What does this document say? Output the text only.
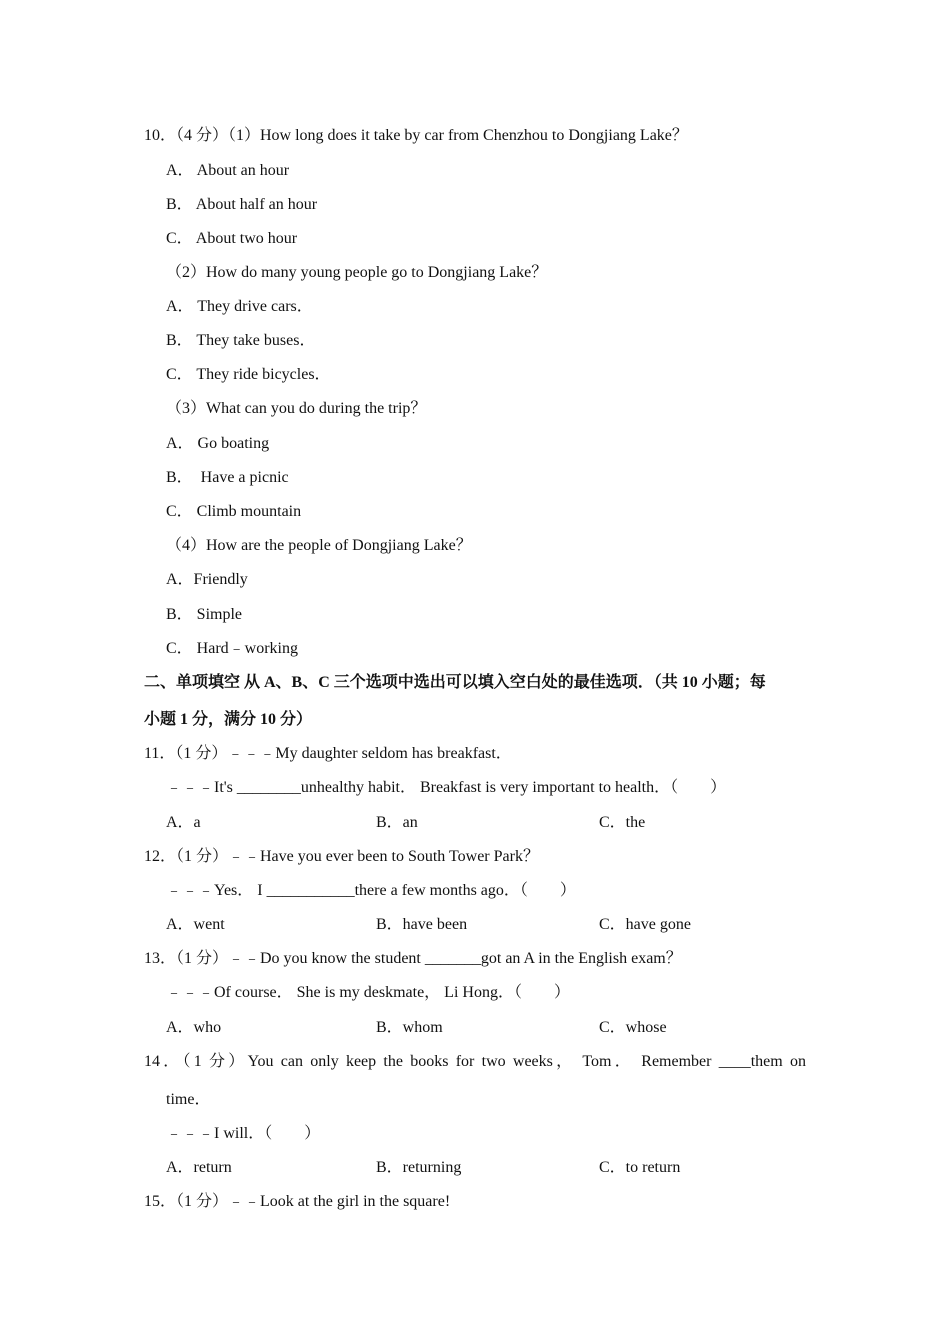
10．（4 分）（1）How long does it take by car from Chenzhou to Dongjiang Lake？
A． About an hour
B． About half an hour
C． About two hour
（2）How do many young people go to Dongjiang Lake？
A． They drive cars．
B． They take buses．
C． They ride bicycles．
（3）What can you do during the trip？
A． Go boating
B．  Have a picnic
C． Climb mountain
（4）How are the people of Dongjiang Lake？
A．Friendly
B． Simple
C． Hard﹣working
二、单项填空 从 A、B、C 三个选项中选出可以填入空白处的最佳选项．（共 10 小题；每
小题 1 分，满分 10 分）
11．（1 分）﹣﹣﹣My daughter seldom has breakfast．
﹣﹣﹣It's ________unhealthy habit． Breakfast is very important to health．（　　）
A．a	B．an	C．the
12．（1 分）﹣﹣Have you ever been to South Tower Park？
﹣﹣﹣Yes． I ___________there a few months ago．（　　）
A．went	B．have been	C．have gone
13．（1 分）﹣﹣Do you know the student _______got an A in the English exam？
﹣﹣﹣Of course． She is my deskmate， Li Hong．（　　）
A．who	B．whom	C．whose
14．（1 分）You can only keep the books for two weeks， Tom． Remember ____them on
time．
﹣﹣﹣I will．（　　）
A．return	B．returning	C．to return
15．（1 分）﹣﹣Look at the girl in the square!
